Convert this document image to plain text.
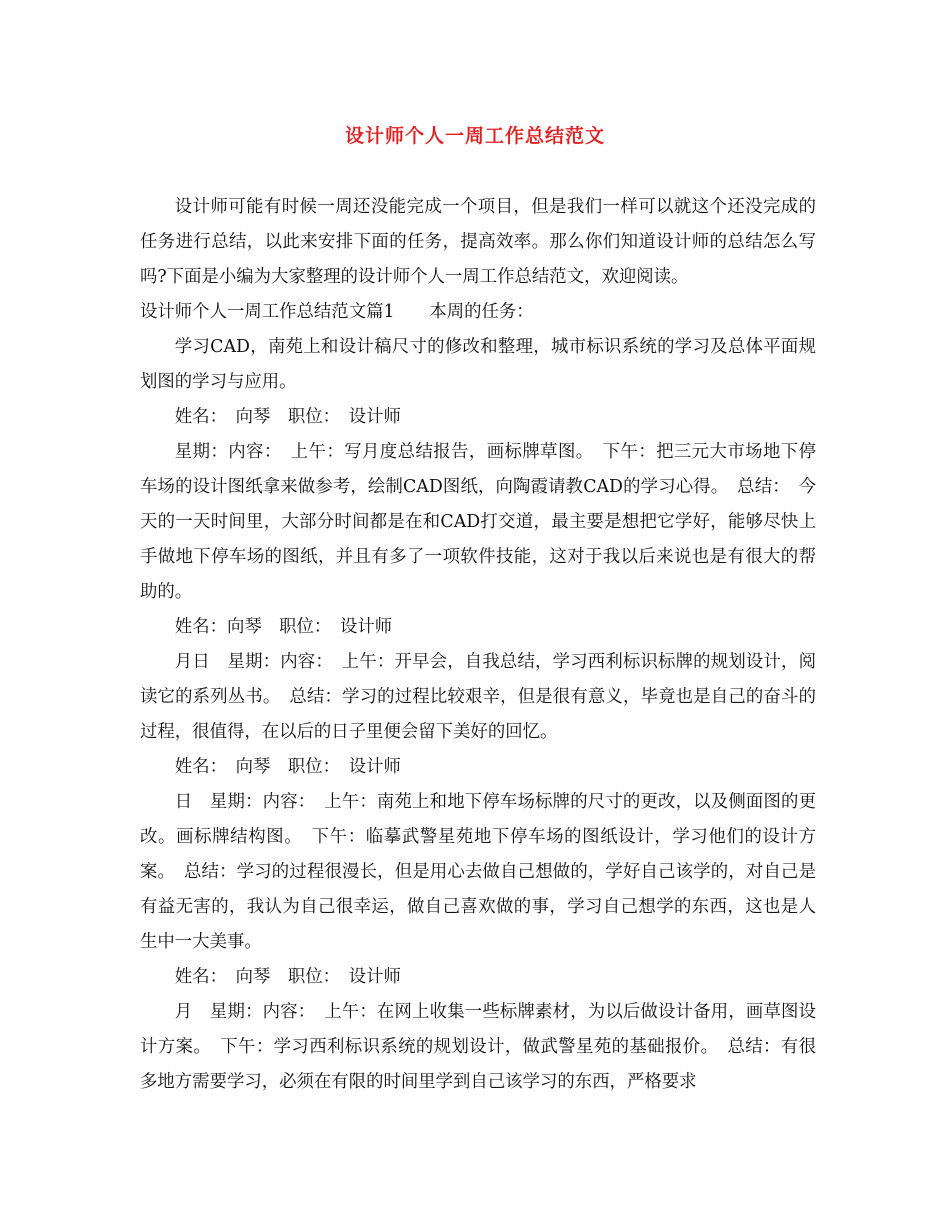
设计师个人一周工作总结范文

设计师可能有时候一周还没能完成一个项目，但是我们一样可以就这个还没完成的任务进行总结，以此来安排下面的任务，提高效率。那么你们知道设计师的总结怎么写吗?下面是小编为大家整理的设计师个人一周工作总结范文，欢迎阅读。

设计师个人一周工作总结范文篇1　　本周的任务：

学习CAD，南苑上和设计稿尺寸的修改和整理，城市标识系统的学习及总体平面规划图的学习与应用。

姓名：　向琴　职位：　设计师

星期：内容：　上午：写月度总结报告，画标牌草图。　下午：把三元大市场地下停车场的设计图纸拿来做参考，绘制CAD图纸，向陶霞请教CAD的学习心得。　总结：　今天的一天时间里，大部分时间都是在和CAD打交道，最主要是想把它学好，能够尽快上手做地下停车场的图纸，并且有多了一项软件技能，这对于我以后来说也是有很大的帮助的。

姓名：向琴　职位：　设计师

月日　星期：内容：　上午：开早会，自我总结，学习西利标识标牌的规划设计，阅读它的系列丛书。　总结：学习的过程比较艰辛，但是很有意义，毕竟也是自己的奋斗的过程，很值得，在以后的日子里便会留下美好的回忆。

姓名：　向琴　职位：　设计师

日　星期：内容：　上午：南苑上和地下停车场标牌的尺寸的更改，以及侧面图的更改。画标牌结构图。　下午：临摹武警星苑地下停车场的图纸设计，学习他们的设计方案。　总结：学习的过程很漫长，但是用心去做自己想做的，学好自己该学的，对自己是有益无害的，我认为自己很幸运，做自己喜欢做的事，学习自己想学的东西，这也是人生中一大美事。

姓名：　向琴　职位：　设计师

月　星期：内容：　上午：在网上收集一些标牌素材，为以后做设计备用，画草图设计方案。　下午：学习西利标识系统的规划设计，做武警星苑的基础报价。　总结：有很多地方需要学习，必须在有限的时间里学到自己该学习的东西，严格要求
